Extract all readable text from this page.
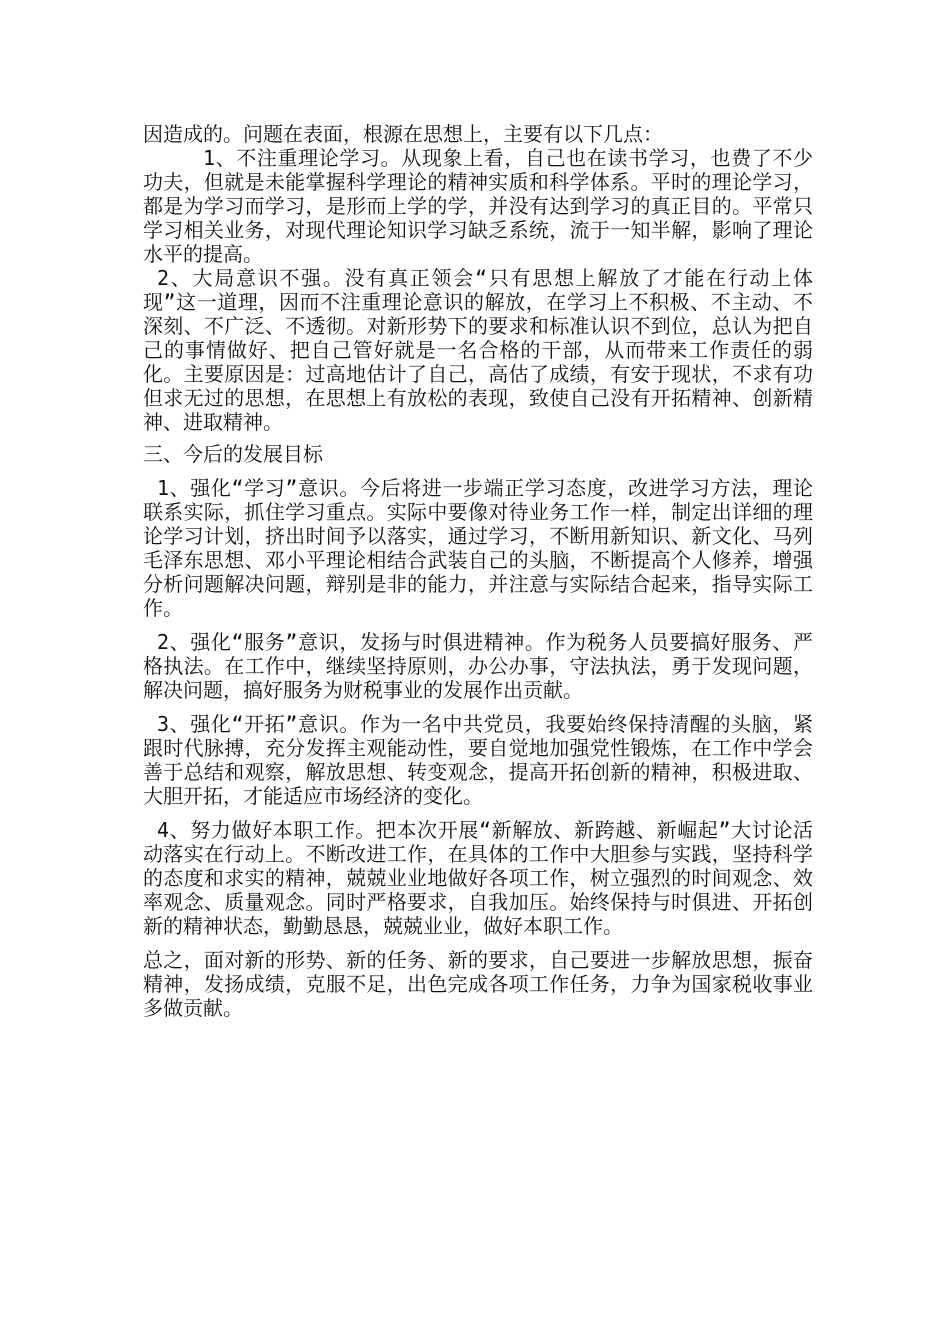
因造成的。问题在表面，根源在思想上，主要有以下几点：

1、不注重理论学习。从现象上看，自己也在读书学习，也费了不少功夫，但就是未能掌握科学理论的精神实质和科学体系。平时的理论学习，都是为学习而学习，是形而上学的学，并没有达到学习的真正目的。平常只学习相关业务，对现代理论知识学习缺乏系统，流于一知半解，影响了理论水平的提高。

2、大局意识不强。没有真正领会“只有思想上解放了才能在行动上体现”这一道理，因而不注重理论意识的解放，在学习上不积极、不主动、不深刻、不广泛、不透彻。对新形势下的要求和标准认识不到位，总认为把自己的事情做好、把自己管好就是一名合格的干部，从而带来工作责任的弱化。主要原因是：过高地估计了自己，高估了成绩，有安于现状，不求有功但求无过的思想，在思想上有放松的表现，致使自己没有开拓精神、创新精神、进取精神。

三、今后的发展目标

1、强化“学习”意识。今后将进一步端正学习态度，改进学习方法，理论联系实际，抓住学习重点。实际中要像对待业务工作一样，制定出详细的理论学习计划，挤出时间予以落实，通过学习，不断用新知识、新文化、马列毛泽东思想、邓小平理论相结合武装自己的头脑，不断提高个人修养，增强分析问题解决问题，辩别是非的能力，并注意与实际结合起来，指导实际工作。

2、强化“服务”意识，发扬与时俱进精神。作为税务人员要搞好服务、严格执法。在工作中，继续坚持原则，办公办事，守法执法，勇于发现问题，解决问题，搞好服务为财税事业的发展作出贡献。

3、强化“开拓”意识。作为一名中共党员，我要始终保持清醒的头脑，紧跟时代脉搏，充分发挥主观能动性，要自觉地加强党性锻炼，在工作中学会善于总结和观察，解放思想、转变观念，提高开拓创新的精神，积极进取、大胆开拓，才能适应市场经济的变化。

4、努力做好本职工作。把本次开展“新解放、新跨越、新崛起”大讨论活动落实在行动上。不断改进工作，在具体的工作中大胆参与实践，坚持科学的态度和求实的精神，兢兢业业地做好各项工作，树立强烈的时间观念、效率观念、质量观念。同时严格要求，自我加压。始终保持与时俱进、开拓创新的精神状态，勤勤恳恳，兢兢业业，做好本职工作。

总之，面对新的形势、新的任务、新的要求，自己要进一步解放思想，振奋精神，发扬成绩，克服不足，出色完成各项工作任务，力争为国家税收事业多做贡献。
